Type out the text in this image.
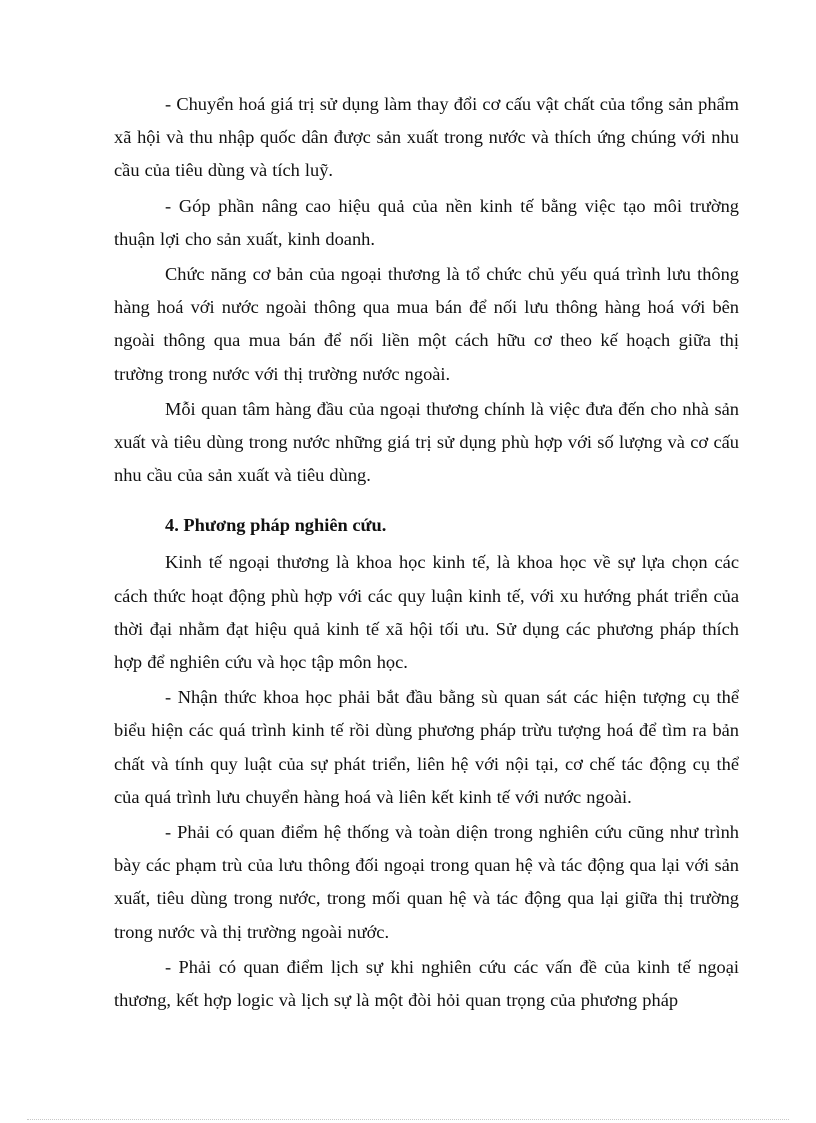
- Chuyển hoá giá trị sử dụng làm thay đổi cơ cấu vật chất của tổng sản phẩm xã hội và thu nhập quốc dân được sản xuất trong nước và thích ứng chúng với nhu cầu của tiêu dùng và tích luỹ.

- Góp phần nâng cao hiệu quả của nền kinh tế bằng việc tạo môi trường thuận lợi cho sản xuất, kinh doanh.

Chức năng cơ bản của ngoại thương là tổ chức chủ yếu quá trình lưu thông hàng hoá với nước ngoài thông qua mua bán để nối lưu thông hàng hoá với bên ngoài thông qua mua bán để nối liền một cách hữu cơ theo kế hoạch giữa thị trường trong nước với thị trường nước ngoài.

Mỗi quan tâm hàng đầu của ngoại thương chính là việc đưa đến cho nhà sản xuất và tiêu dùng trong nước những giá trị sử dụng phù hợp với số lượng và cơ cấu nhu cầu của sản xuất và tiêu dùng.

4. Phương pháp nghiên cứu.

Kinh tế ngoại thương là khoa học kinh tế, là khoa học về sự lựa chọn các cách thức hoạt động phù hợp với các quy luận kinh tế, với xu hướng phát triển của thời đại nhằm đạt hiệu quả kinh tế xã hội tối ưu. Sử dụng các phương pháp thích hợp để nghiên cứu và học tập môn học.

- Nhận thức khoa học phải bắt đầu bằng sù quan sát các hiện tượng cụ thể biểu hiện các quá trình kinh tế rồi dùng phương pháp trừu tượng hoá để tìm ra bản chất và tính quy luật của sự phát triển, liên hệ với nội tại, cơ chế tác động cụ thể của quá trình lưu chuyển hàng hoá và liên kết kinh tế với nước ngoài.

- Phải có quan điểm hệ thống và toàn diện trong nghiên cứu cũng như trình bày các phạm trù của lưu thông đối ngoại trong quan hệ và tác động qua lại với sản xuất, tiêu dùng trong nước, trong mối quan hệ và tác động qua lại giữa thị trường trong nước và thị trường ngoài nước.

- Phải có quan điểm lịch sự khi nghiên cứu các vấn đề của kinh tế ngoại thương, kết hợp logic và lịch sự là một đòi hỏi quan trọng của phương pháp
